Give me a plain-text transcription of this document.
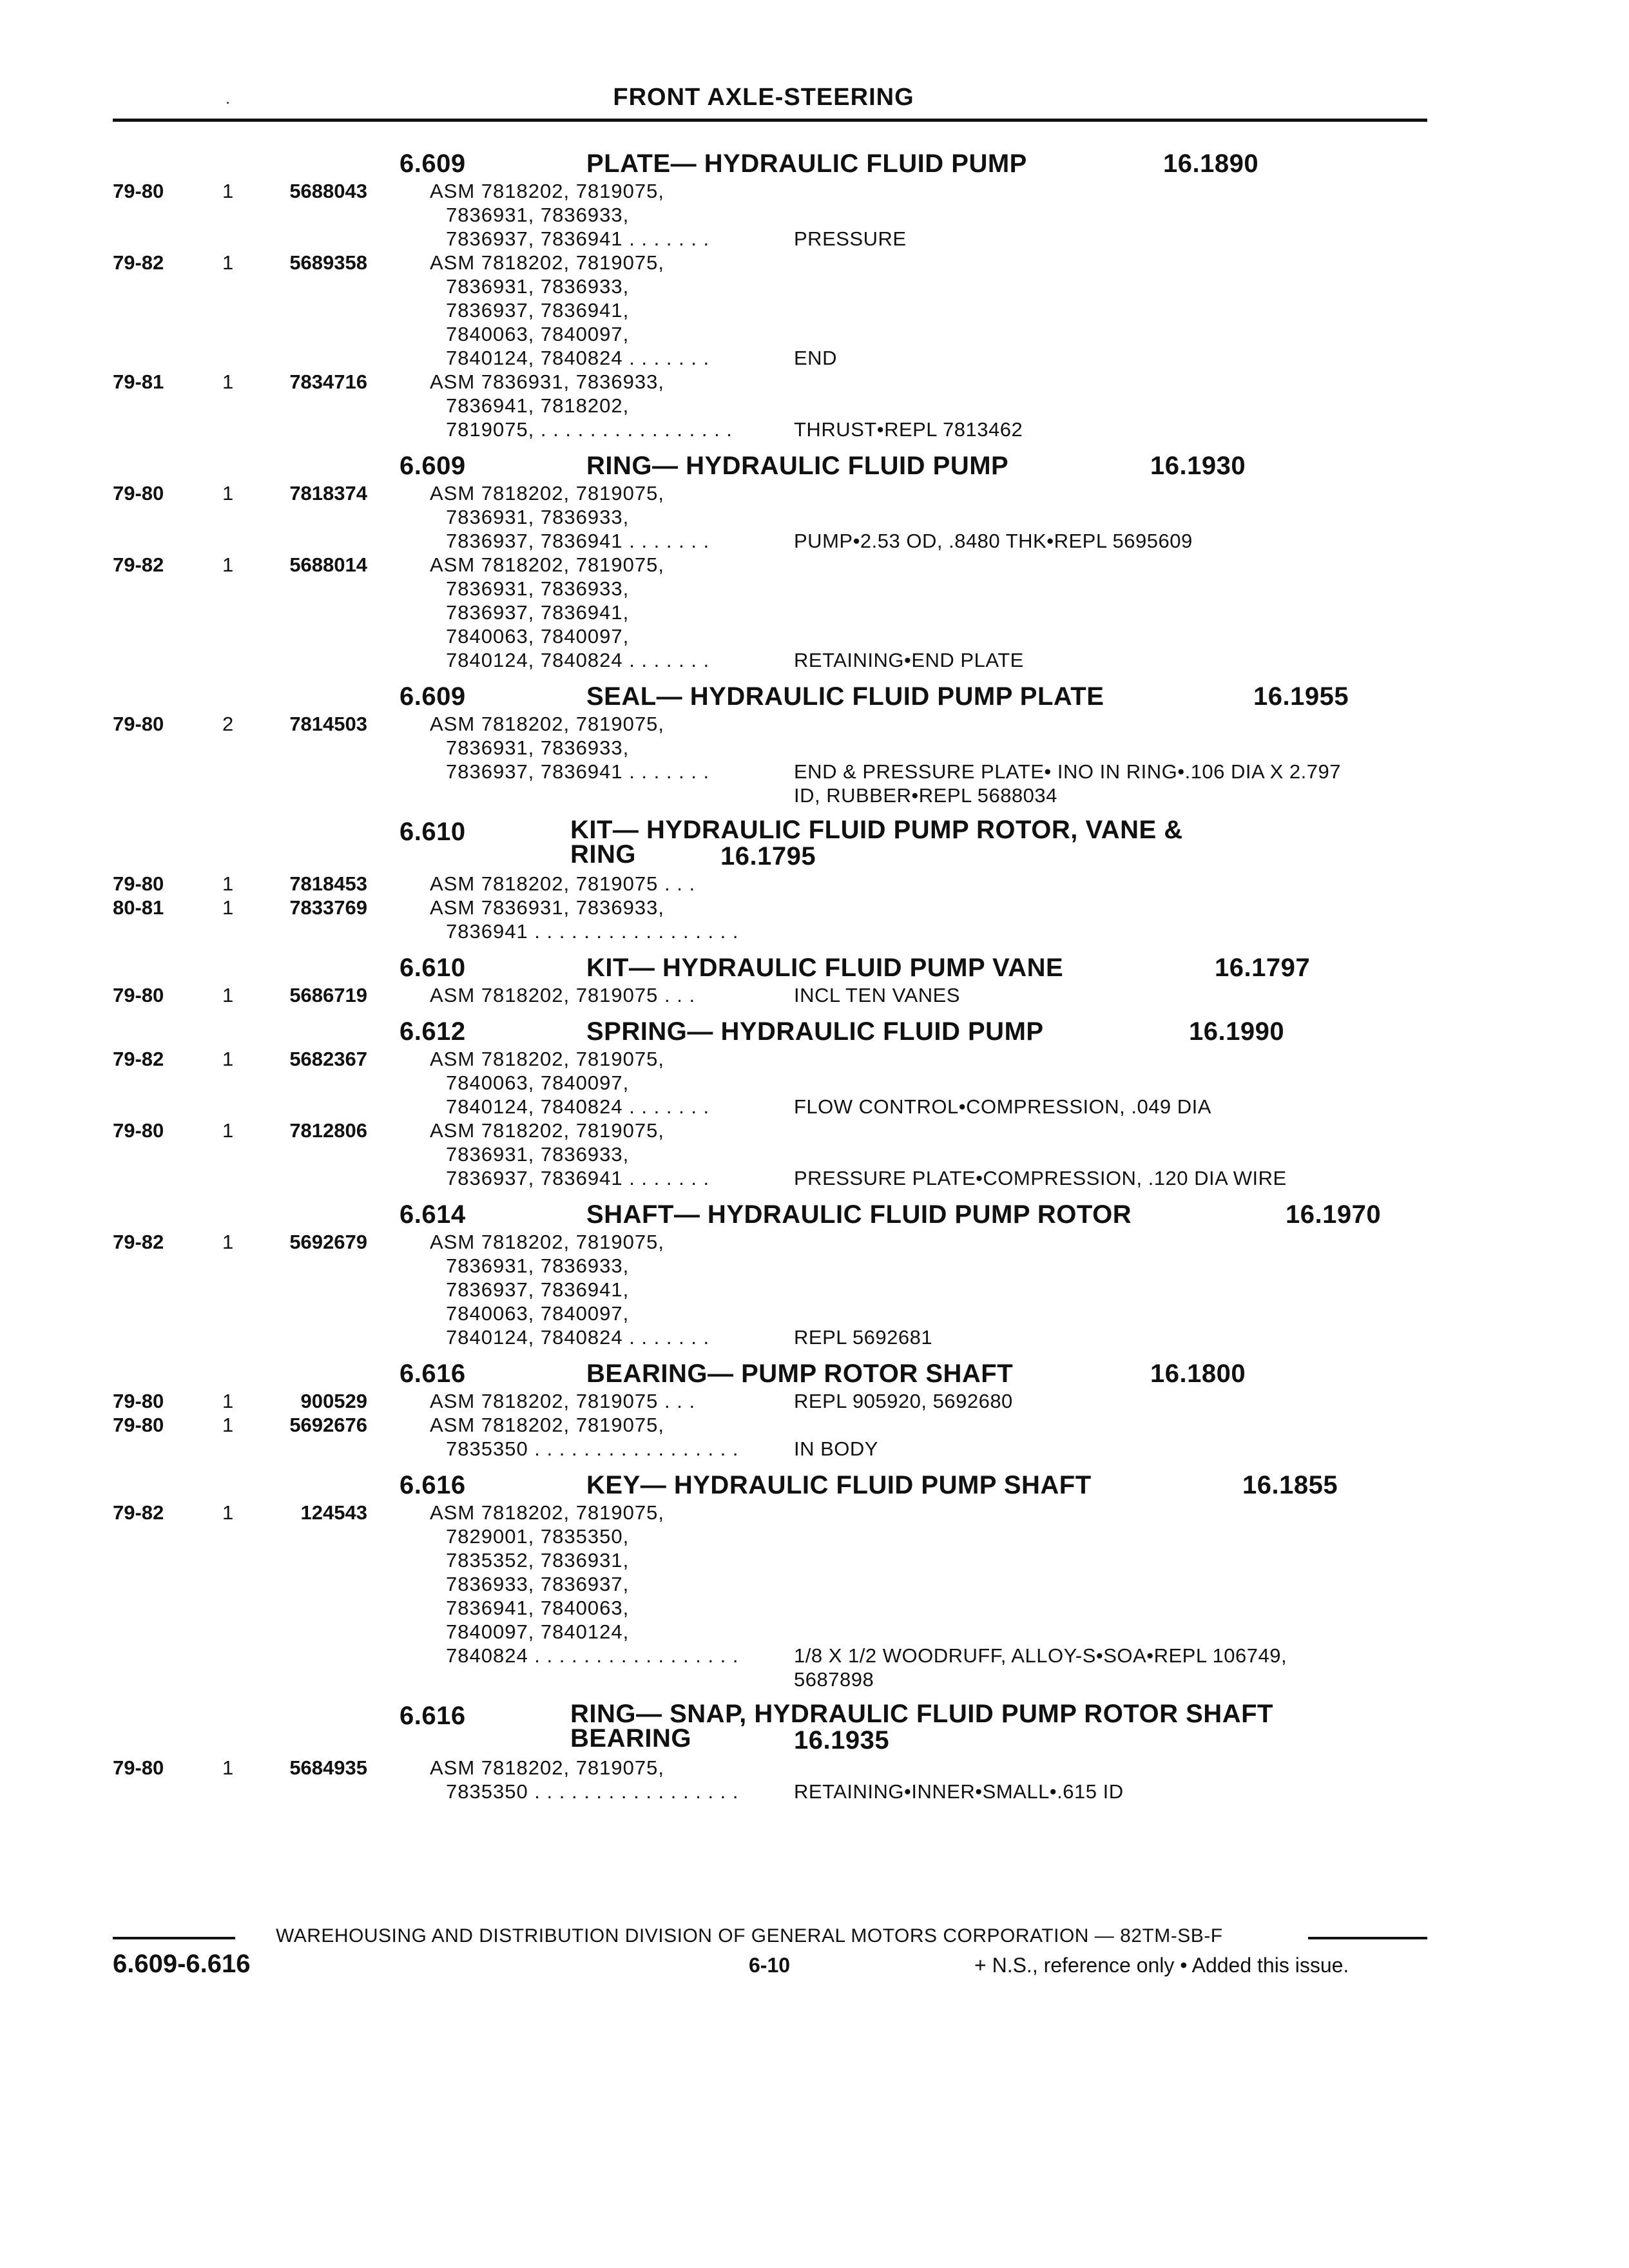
FRONT AXLE-STEERING
6.609	PLATE— HYDRAULIC FLUID PUMP	16.1890
79-80	1	5688043	ASM 7818202, 7819075,
7836931, 7836933,
7836937, 7836941 . . . . . . .	PRESSURE
79-82	1	5689358	ASM 7818202, 7819075,
7836931, 7836933,
7836937, 7836941,
7840063, 7840097,
7840124, 7840824 . . . . . . .	END
79-81	1	7834716	ASM 7836931, 7836933,
7836941, 7818202,
7819075, . . . . . . . . . . . . . . . .	THRUST•REPL 7813462
6.609	RING— HYDRAULIC FLUID PUMP	16.1930
79-80	1	7818374	ASM 7818202, 7819075,
7836931, 7836933,
7836937, 7836941 . . . . . . .	PUMP•2.53 OD, .8480 THK•REPL 5695609
79-82	1	5688014	ASM 7818202, 7819075,
7836931, 7836933,
7836937, 7836941,
7840063, 7840097,
7840124, 7840824 . . . . . . .	RETAINING•END PLATE
6.609	SEAL— HYDRAULIC FLUID PUMP PLATE	16.1955
79-80	2	7814503	ASM 7818202, 7819075,
7836931, 7836933,
7836937, 7836941 . . . . . . .	END & PRESSURE PLATE• INO IN RING•.106 DIA X 2.797
ID, RUBBER•REPL 5688034
6.610	KIT— HYDRAULIC FLUID PUMP ROTOR, VANE &
RING	16.1795
79-80	1	7818453	ASM 7818202, 7819075 . . .
80-81	1	7833769	ASM 7836931, 7836933,
7836941 . . . . . . . . . . . . . . . . .
6.610	KIT— HYDRAULIC FLUID PUMP VANE	16.1797
79-80	1	5686719	ASM 7818202, 7819075 . . .	INCL TEN VANES
6.612	SPRING— HYDRAULIC FLUID PUMP	16.1990
79-82	1	5682367	ASM 7818202, 7819075,
7840063, 7840097,
7840124, 7840824 . . . . . . .	FLOW CONTROL•COMPRESSION, .049 DIA
79-80	1	7812806	ASM 7818202, 7819075,
7836931, 7836933,
7836937, 7836941 . . . . . . .	PRESSURE PLATE•COMPRESSION, .120 DIA WIRE
6.614	SHAFT— HYDRAULIC FLUID PUMP ROTOR	16.1970
79-82	1	5692679	ASM 7818202, 7819075,
7836931, 7836933,
7836937, 7836941,
7840063, 7840097,
7840124, 7840824 . . . . . . .	REPL 5692681
6.616	BEARING— PUMP ROTOR SHAFT	16.1800
79-80	1	900529	ASM 7818202, 7819075 . . .	REPL 905920, 5692680
79-80	1	5692676	ASM 7818202, 7819075,
7835350 . . . . . . . . . . . . . . . . .	IN BODY
6.616	KEY— HYDRAULIC FLUID PUMP SHAFT	16.1855
79-82	1	124543	ASM 7818202, 7819075,
7829001, 7835350,
7835352, 7836931,
7836933, 7836937,
7836941, 7840063,
7840097, 7840124,
7840824 . . . . . . . . . . . . . . . . .	1/8 X 1/2 WOODRUFF, ALLOY-S•SOA•REPL 106749,
5687898
6.616	RING— SNAP, HYDRAULIC FLUID PUMP ROTOR SHAFT
BEARING	16.1935
79-80	1	5684935	ASM 7818202, 7819075,
7835350 . . . . . . . . . . . . . . . . .	RETAINING•INNER•SMALL•.615 ID
WAREHOUSING AND DISTRIBUTION DIVISION OF GENERAL MOTORS CORPORATION — 82TM-SB-F
6.609-6.616	6-10	+ N.S., reference only • Added this issue.
